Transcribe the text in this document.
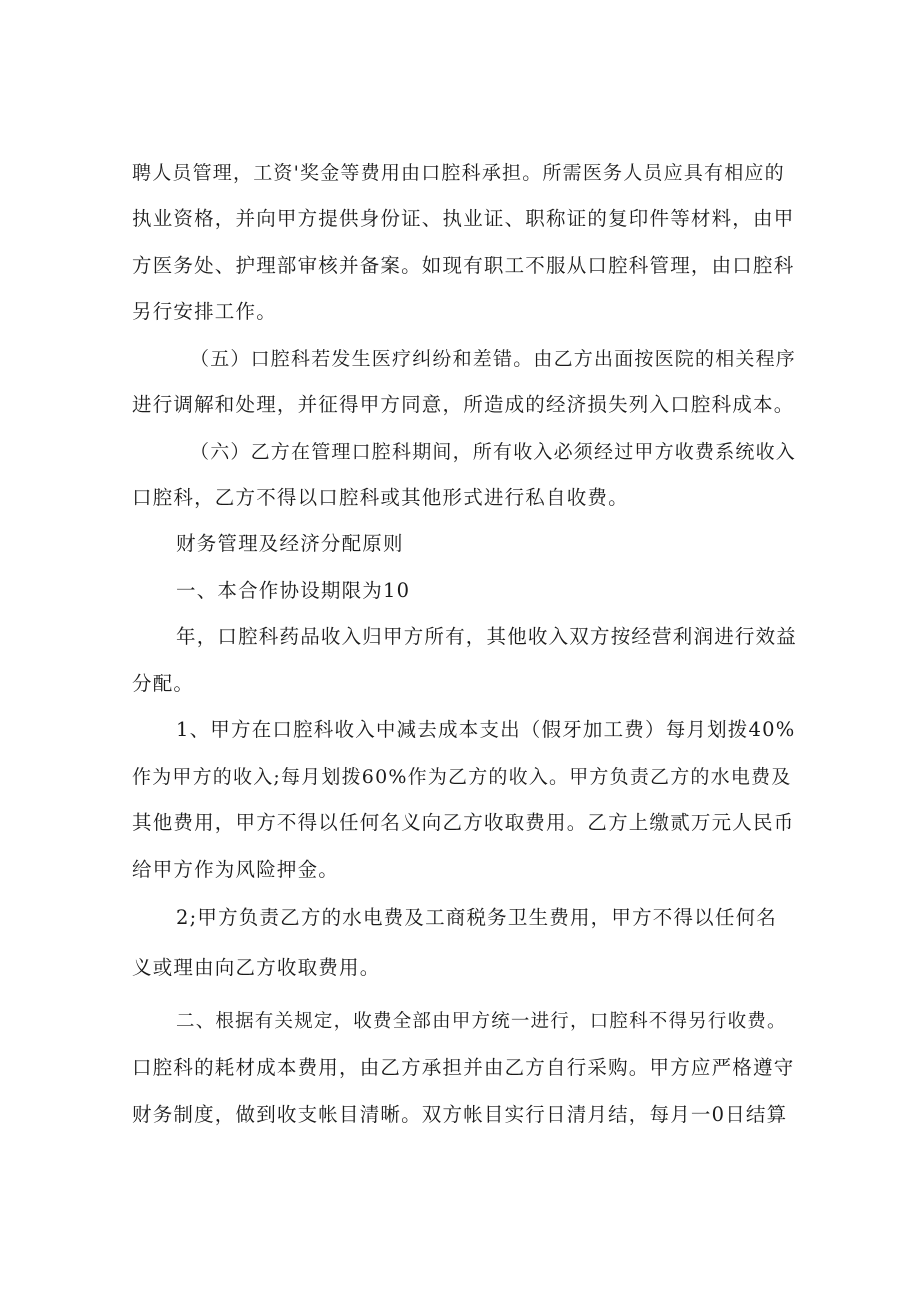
聘人员管理，工资'奖金等费用由口腔科承担。所需医务人员应具有相应的
执业资格，并向甲方提供身份证、执业证、职称证的复印件等材料，由甲
方医务处、护理部审核并备案。如现有职工不服从口腔科管理，由口腔科
另行安排工作。
（五）口腔科若发生医疗纠纷和差错。由乙方出面按医院的相关程序
进行调解和处理，并征得甲方同意，所造成的经济损失列入口腔科成本。
（六）乙方在管理口腔科期间，所有收入必须经过甲方收费系统收入
口腔科，乙方不得以口腔科或其他形式进行私自收费。
财务管理及经济分配原则
一、本合作协设期限为10
年，口腔科药品收入归甲方所有，其他收入双方按经营利润进行效益
分配。
1、甲方在口腔科收入中减去成本支出（假牙加工费）每月划拨40%
作为甲方的收入;每月划拨60%作为乙方的收入。甲方负责乙方的水电费及
其他费用，甲方不得以任何名义向乙方收取费用。乙方上缴贰万元人民币
给甲方作为风险押金。
2;甲方负责乙方的水电费及工商税务卫生费用，甲方不得以任何名
义或理由向乙方收取费用。
二、根据有关规定，收费全部由甲方统一进行，口腔科不得另行收费。
口腔科的耗材成本费用，由乙方承担并由乙方自行采购。甲方应严格遵守
财务制度，做到收支帐目清晰。双方帐目实行日清月结，每月一0日结算
